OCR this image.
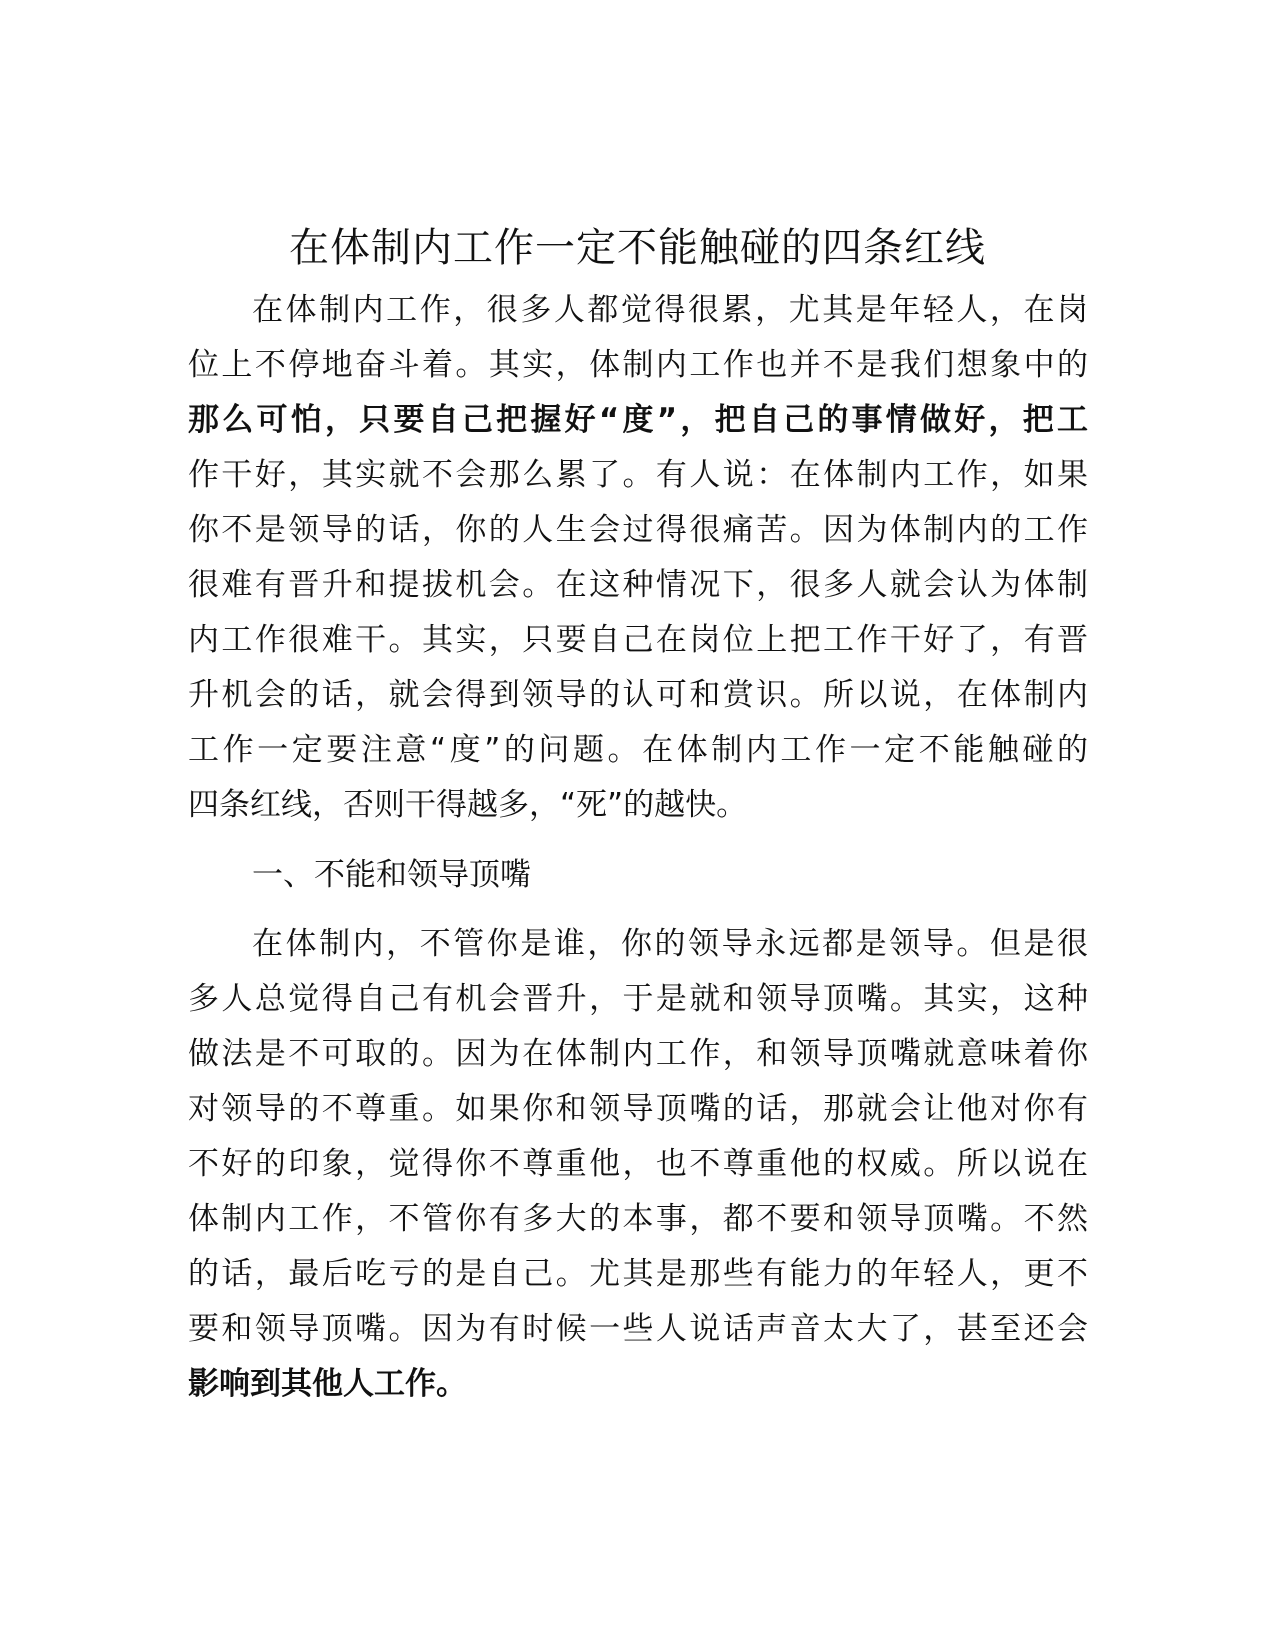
在体制内工作一定不能触碰的四条红线

在体制内工作，很多人都觉得很累，尤其是年轻人，在岗

位上不停地奋斗着。其实，体制内工作也并不是我们想象中的

那么可怕，只要自己把握好“度”，把自己的事情做好，把工

作干好，其实就不会那么累了。有人说：在体制内工作，如果

你不是领导的话，你的人生会过得很痛苦。因为体制内的工作

很难有晋升和提拔机会。在这种情况下，很多人就会认为体制

内工作很难干。其实，只要自己在岗位上把工作干好了，有晋

升机会的话，就会得到领导的认可和赏识。所以说，在体制内

工作一定要注意“度”的问题。在体制内工作一定不能触碰的

四条红线，否则干得越多，“死”的越快。

一、不能和领导顶嘴

在体制内，不管你是谁，你的领导永远都是领导。但是很

多人总觉得自己有机会晋升，于是就和领导顶嘴。其实，这种

做法是不可取的。因为在体制内工作，和领导顶嘴就意味着你

对领导的不尊重。如果你和领导顶嘴的话，那就会让他对你有

不好的印象，觉得你不尊重他，也不尊重他的权威。所以说在

体制内工作，不管你有多大的本事，都不要和领导顶嘴。不然

的话，最后吃亏的是自己。尤其是那些有能力的年轻人，更不

要和领导顶嘴。因为有时候一些人说话声音太大了，甚至还会

影响到其他人工作。
